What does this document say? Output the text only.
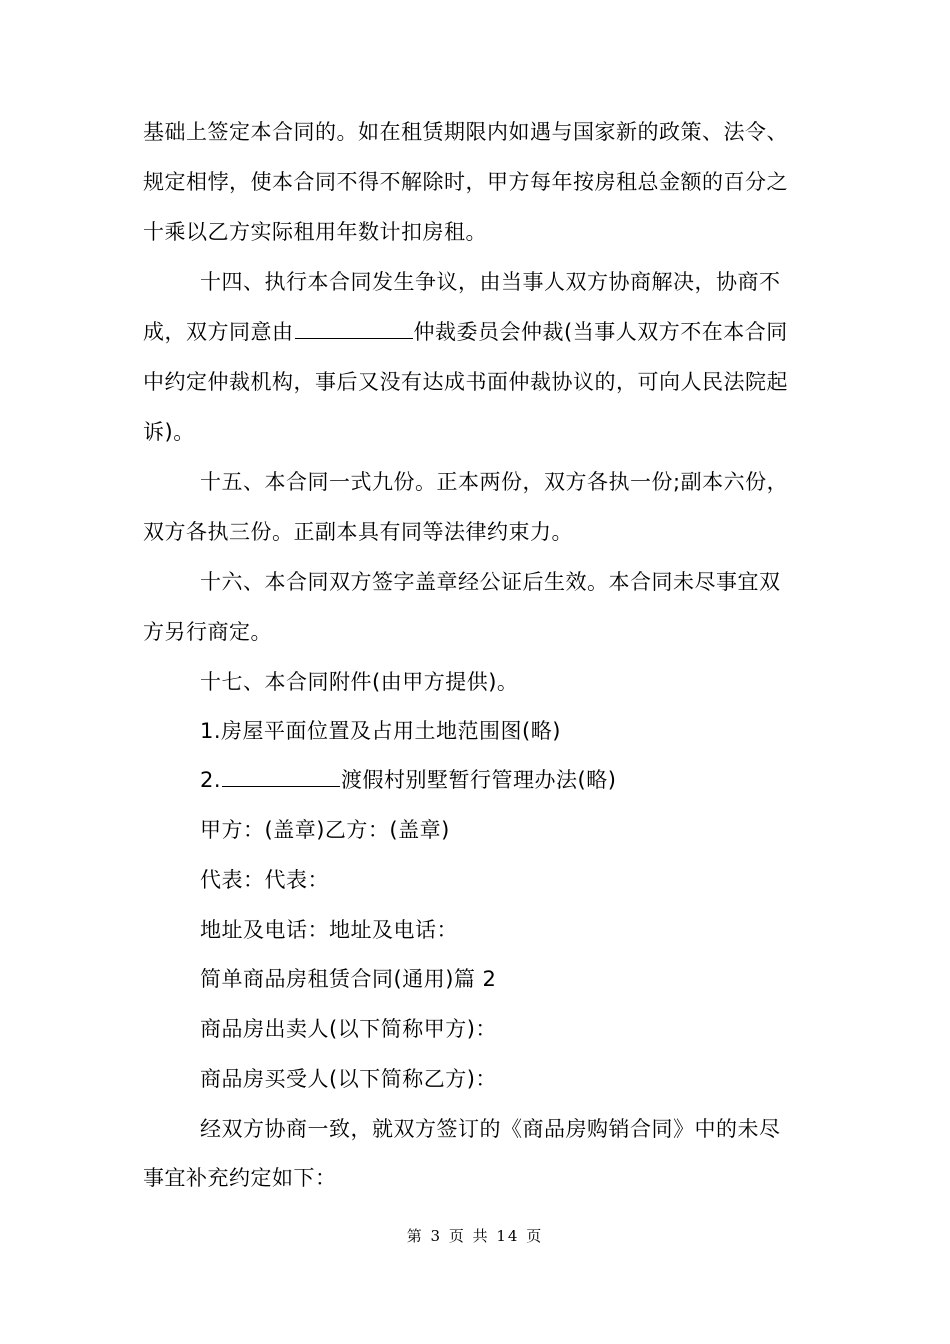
基础上签定本合同的。如在租赁期限内如遇与国家新的政策、法令、
规定相悖，使本合同不得不解除时，甲方每年按房租总金额的百分之
十乘以乙方实际租用年数计扣房租。
十四、执行本合同发生争议，由当事人双方协商解决，协商不
成，双方同意由	仲裁委员会仲裁(当事人双方不在本合同
中约定仲裁机构，事后又没有达成书面仲裁协议的，可向人民法院起
诉)。
十五、本合同一式九份。正本两份，双方各执一份;副本六份，
双方各执三份。正副本具有同等法律约束力。
十六、本合同双方签字盖章经公证后生效。本合同未尽事宜双
方另行商定。
十七、本合同附件(由甲方提供)。
1.房屋平面位置及占用土地范围图(略)
2.	渡假村别墅暂行管理办法(略)
甲方：(盖章)乙方：(盖章)
代表：代表：
地址及电话：地址及电话：
简单商品房租赁合同(通用)篇 2
商品房出卖人(以下简称甲方)：
商品房买受人(以下简称乙方)：
经双方协商一致，就双方签订的《商品房购销合同》中的未尽
事宜补充约定如下：
第 3 页 共 14 页
